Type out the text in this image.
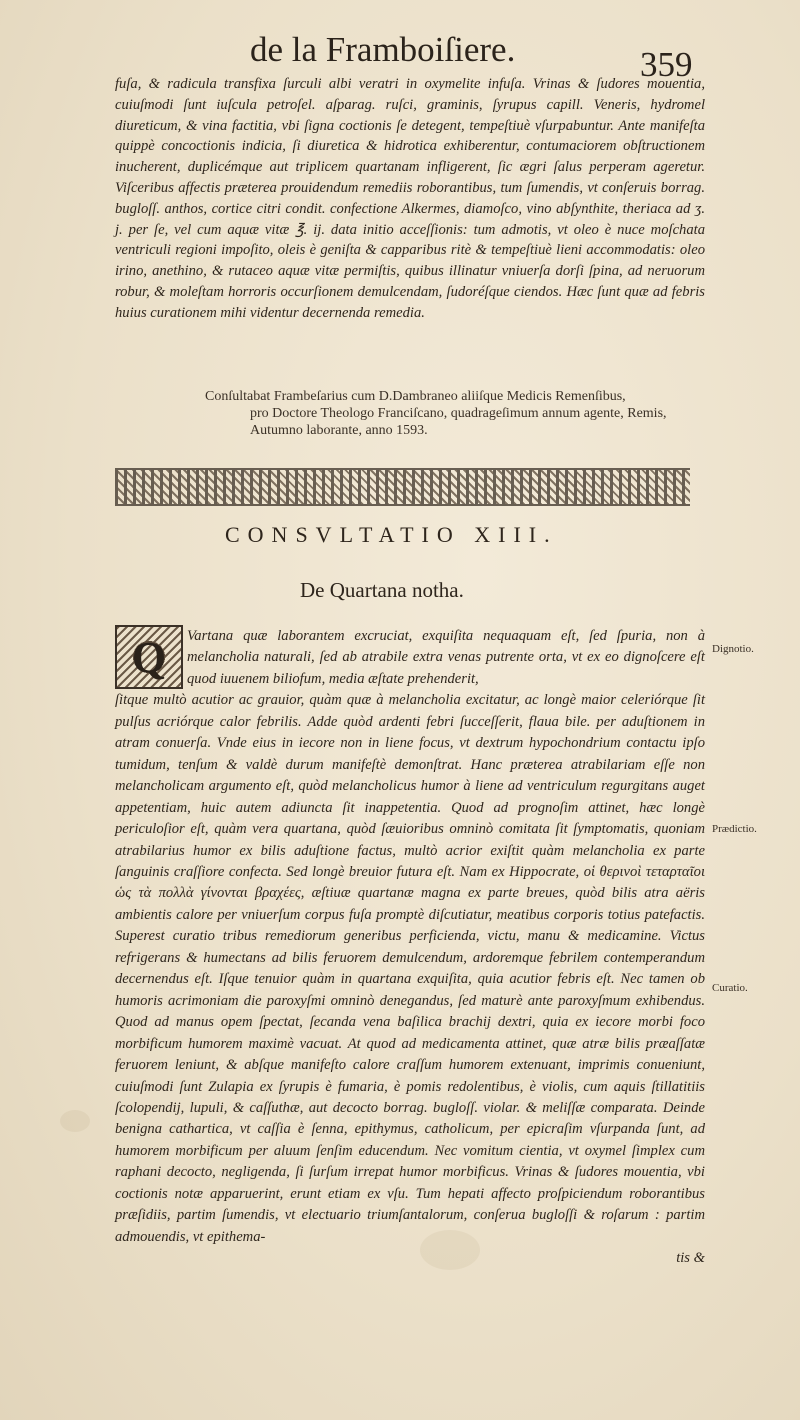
de la Framboiſiere.	359

fuſa, & radicula transfixa ſurculi albi veratri in oxymelite infuſa. Vrinas & ſudores mouentia, cuiuſmodi ſunt iuſcula petroſel. aſparag. ruſci, graminis, ſyrupus capill. Veneris, hydromel diureticum, & vina factitia, vbi ſigna coctionis ſe detegent, tempeſtiuè vſurpabuntur. Ante manifeſta quippè concoctionis indicia, ſi diuretica & hidrotica exhiberentur, contumaciorem obſtructionem inucherent, duplicémque aut triplicem quartanam infligerent, ſic ægri ſalus perperam ageretur. Viſceribus affectis præterea prouidendum remediis roborantibus, tum ſumendis, vt conſeruis borrag. bugloſſ. anthos, cortice citri condit. confectione Alkermes, diamoſco, vino abſynthite, theriaca ad ʒ. j. per ſe, vel cum aquæ vitæ ℥. ij. data initio acceſſionis: tum admotis, vt oleo è nuce moſchata ventriculi regioni impoſito, oleis è geniſta & capparibus ritè & tempeſtiuè lieni accommodatis: oleo irino, anethino, & rutaceo aquæ vitæ permiſtis, quibus illinatur vniuerſa dorſi ſpina, ad neruorum robur, & moleſtam horroris occurſionem demulcendam, ſudoréſque ciendos. Hæc ſunt quæ ad febris huius curationem mihi videntur decernenda remedia.

Conſultabat Frambeſarius cum D.Dambraneo aliiſque Medicis Remenſibus,
pro Doctore Theologo Franciſcano, quadrageſimum annum agente, Remis, Autumno laborante, anno 1593.
CONSVLTATIO XIII.
De Quartana notha.
Q	Vartana quæ laborantem excruciat, exquiſita nequaquam eſt, ſed ſpuria, non à melancholia naturali, ſed ab atrabile extra venas putrente orta, vt ex eo dignoſcere eſt quod iuuenem biliofum, media æſtate prehenderit,
ſitque multò acutior ac grauior, quàm quæ à melancholia excitatur, ac longè maior celeriórque ſit pulſus acriórque calor febrilis. Adde quòd ardenti febri ſucceſſerit, flaua bile. per aduſtionem in atram conuerſa. Vnde eius in iecore non in liene focus, vt dextrum hypochondrium contactu ipſo tumidum, tenſum & valdè durum manifeſtè demonſtrat. Hanc præterea atrabilariam eſſe non melancholicam argumento eſt, quòd melancholicus humor à liene ad ventriculum regurgitans auget appetentiam, huic autem adiuncta ſit inappetentia. Quod ad prognoſim attinet, hæc longè periculoſior eſt, quàm vera quartana, quòd ſæuioribus omninò comitata ſit ſymptomatis, quoniam atrabilarius humor ex bilis aduſtione factus, multò acrior exiſtit quàm melancholia ex parte ſanguinis craſſiore confecta. Sed longè breuior futura eſt. Nam ex Hippocrate, οἱ θερινοὶ τεταρταῖοι ὡς τὰ πολλὰ γίνονται βραχέες, æſtiuæ quartanæ magna ex parte breues, quòd bilis atra aëris ambientis calore per vniuerſum corpus fuſa promptè diſcutiatur, meatibus corporis totius patefactis. Superest curatio tribus remediorum generibus perficienda, victu, manu & medicamine. Victus refrigerans & humectans ad bilis feruorem demulcendum, ardoremque febrilem contemperandum decernendus eſt. Iſque tenuior quàm in quartana exquiſita, quia acutior febris eſt. Nec tamen ob humoris acrimoniam die paroxyſmi omninò denegandus, ſed maturè ante paroxyſmum exhibendus. Quod ad manus opem ſpectat, ſecanda vena baſilica brachij dextri, quia ex iecore morbi foco morbificum humorem maximè vacuat. At quod ad medicamenta attinet, quæ atræ bilis præaſſatæ feruorem leniunt, & abſque manifeſto calore craſſum humorem extenuant, imprimis conueniunt, cuiuſmodi ſunt Zulapia ex ſyrupis è fumaria, è pomis redolentibus, è violis, cum aquis ſtillatitiis ſcolopendij, lupuli, & caſſuthæ, aut decocto borrag. bugloſſ. violar. & meliſſæ comparata. Deinde benigna cathartica, vt caſſia è ſenna, epithymus, catholicum, per epicraſim vſurpanda ſunt, ad humorem morbificum per aluum ſenſim educendum. Nec vomitum cientia, vt oxymel ſimplex cum raphani decocto, negligenda, ſi ſurſum irrepat humor morbificus. Vrinas & ſudores mouentia, vbi coctionis notæ apparuerint, erunt etiam ex vſu. Tum hepati affecto proſpiciendum roborantibus præſidiis, partim ſumendis, vt electuario triumſantalorum, conſerua bugloſſi & roſarum : partim admouendis, vt epithema-

tis &

Dignotio.
Prædictio.
Curatio.
